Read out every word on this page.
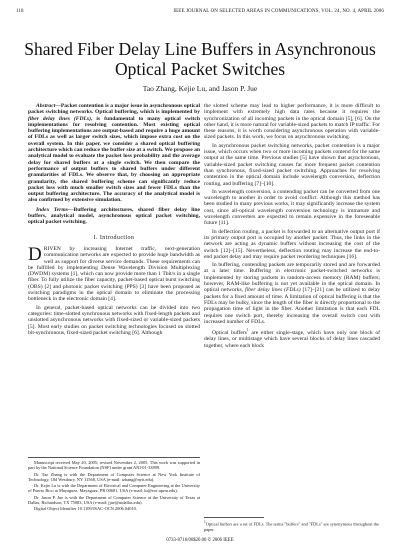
118	IEEE JOURNAL ON SELECTED AREAS IN COMMUNICATIONS, VOL. 24, NO. 4, APRIL 2006
Shared Fiber Delay Line Buffers in Asynchronous Optical Packet Switches
Tao Zhang, Kejie Lu, and Jason P. Jue

Abstract—Packet contention is a major issue in asynchronous optical packet switching networks. Optical buffering, which is implemented by fiber delay lines (FDLs), is fundamental to many optical switch implementations for resolving contention. Most existing optical buffering implementations are output-based and require a huge amount of FDLs as well as larger switch sizes, which impose extra cost on the overall system. In this paper, we consider a shared optical buffering architecture which can reduce the buffer size at a switch. We propose an analytical model to evaluate the packet loss probability and the average delay for shared buffers at a single switch. We then compare the performance of output buffers to shared buffers under different granularities of FDLs. We observe that, by choosing an appropriate granularity, the shared buffering scheme can significantly reduce packet loss with much smaller switch sizes and fewer FDLs than the output buffering architecture. The accuracy of the analytical model is also confirmed by extensive simulation.

Index Terms—Buffering architectures, shared fiber delay line buffers, analytical model, asynchronous optical packet switching, optical packet switching.

I. Introduction

DRIVEN by increasing Internet traffic, next-generation communication networks are expected to provide huge bandwidth as well as support for diverse service demands. These requirements can be fulfilled by implementing Dense Wavelength Division Multiplexing (DWDM) systems [1], which can now provide more than 1 Tbit/s in a single fiber. To fully utilize the fiber capacity, packet-based optical burst switching (OBS) [2] and photonic packet switching (PPS) [3] have been proposed as switching paradigms in the optical domain to eliminate the processing bottleneck in the electronic domain [4].

In general, packet-based optical networks can be divided into two categories: time-slotted synchronous networks with fixed-length packets and unslotted asynchronous networks with fixed-sized or variable-sized packets [5]. Most early studies on packet switching technologies focused on slotted bit-synchronous, fixed-sized packet switching [6]. Although

Manuscript received May 20, 2005; revised November 2, 2005. This work was supported in part by the National Science Foundation (NSF) under grant ANI-01-33899.

Dr. Tao Zhang is with the Department of Computer Science at New York Institute of Technology, Old Westbury, NY 11568, USA (e-mail: tzhang@nyit.edu).

Dr. Kejie Lu is with the Department of Electrical and Computer Engineering at the University of Puerto Rico at Mayaguez, Mayaguez, PR 00681, USA (e-mail: lu@ece.uprm.edu).

Dr. Jason P. Jue is with the Department of Computer Science at the University of Texas at Dallas, Richardson, TX 75083, USA (e-mail: jjue@utdallas.edu).

Digital Object Identifier 10.1109/JSAC-OCN.2006.04010.

the slotted scheme may lead to higher performance, it is more difficult to implement with extremely high data rates because it requires the synchronization of all incoming packets in the optical domain [5], [6]. On the other hand, it is more natural for variable-sized packets to match IP traffic. For these reasons, it is worth considering asynchronous operation with variable-sized packets. In this work, we focus on asynchronous switching.

In asynchronous packet switching networks, packet contention is a major issue, which occurs when two or more incoming packets contend for the same output at the same time. Previous studies [5] have shown that asynchronous, variable-sized packet switching causes far more frequent packet contention than synchronous, fixed-sized packet switching. Approaches for resolving contention in the optical domain include wavelength conversion, deflection routing, and buffering [7]–[10].

In wavelength conversion, a contending packet can be converted from one wavelength to another in order to avoid conflict. Although this method has been studied in many previous works, it may significantly increase the system cost, since all-optical wavelength conversion technology is immature and wavelength converters are expected to remain expensive in the foreseeable future [11].

In deflection routing, a packet is forwarded to an alternative output port if its primary output port is occupied by another packet. Thus, the links in the network are acting as dynamic buffers without increasing the cost of the switch [12]–[15]. Nevertheless, deflection routing may increase the end-to-end packet delay and may require packet reordering techniques [16].

In buffering, contending packets are temporarily stored and are forwarded at a later time. Buffering in electronic packet-switched networks is implemented by storing packets in random-access memory (RAM) buffers; however, RAM-like buffering is not yet available in the optical domain. In optical networks, fiber delay lines (FDLs) [17]–[21] can be utilized to delay packets for a fixed amount of time. A limitation of optical buffering is that the FDLs may be bulky, since the length of the fiber is directly proportional to the propagation time of light in the fiber. Another limitation is that each FDL requires one switch port, thereby increasing the overall switch cost with increased number of FDLs.

Optical buffers$^1$ are either single-stage, which have only one block of delay lines, or multistage which have several blocks of delay lines cascaded together, where each block

$^1$Optical buffers are a set of FDLs. The terms "buffers" and "FDLs" are synonymous throughout the paper.
0733-8716/06$20.00 © 2006 IEEE
